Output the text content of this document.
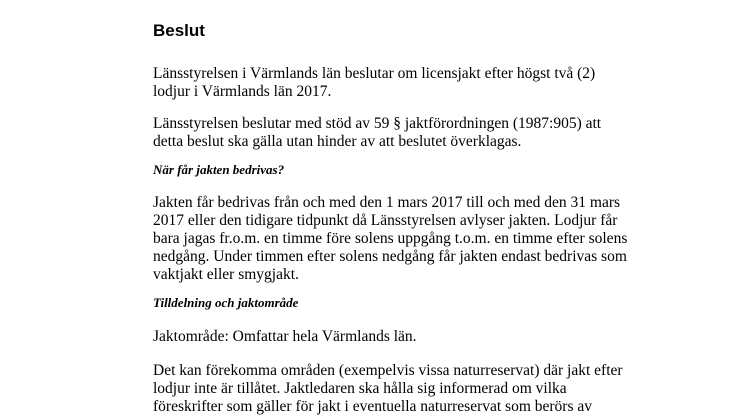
Beslut

Länsstyrelsen i Värmlands län beslutar om licensjakt efter högst två (2)

lodjur i Värmlands län 2017.

Länsstyrelsen beslutar med stöd av 59 § jaktförordningen (1987:905) att

detta beslut ska gälla utan hinder av att beslutet överklagas.

När får jakten bedrivas?

Jakten får bedrivas från och med den 1 mars 2017 till och med den 31 mars

2017 eller den tidigare tidpunkt då Länsstyrelsen avlyser jakten. Lodjur får

bara jagas fr.o.m. en timme före solens uppgång t.o.m. en timme efter solens

nedgång. Under timmen efter solens nedgång får jakten endast bedrivas som

vaktjakt eller smygjakt.

Tilldelning och jaktområde

Jaktområde: Omfattar hela Värmlands län.

Det kan förekomma områden (exempelvis vissa naturreservat) där jakt efter

lodjur inte är tillåtet. Jaktledaren ska hålla sig informerad om vilka

föreskrifter som gäller för jakt i eventuella naturreservat som berörs av
